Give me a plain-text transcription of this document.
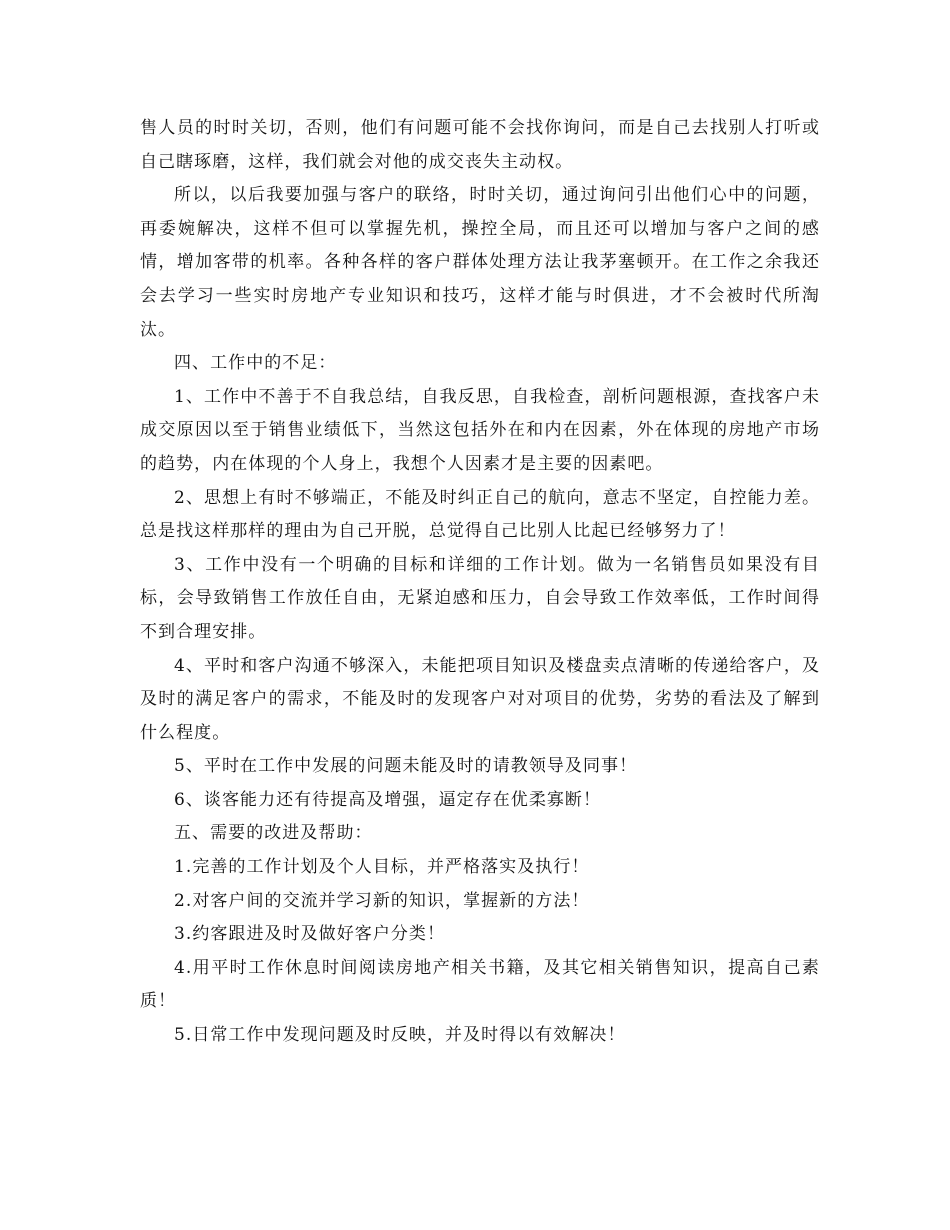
售人员的时时关切，否则，他们有问题可能不会找你询问，而是自己去找别人打听或自己瞎琢磨，这样，我们就会对他的成交丧失主动权。

所以，以后我要加强与客户的联络，时时关切，通过询问引出他们心中的问题，再委婉解决，这样不但可以掌握先机，操控全局，而且还可以增加与客户之间的感情，增加客带的机率。各种各样的客户群体处理方法让我茅塞顿开。在工作之余我还会去学习一些实时房地产专业知识和技巧，这样才能与时俱进，才不会被时代所淘汰。

四、工作中的不足：

1、工作中不善于不自我总结，自我反思，自我检查，剖析问题根源，查找客户未成交原因以至于销售业绩低下，当然这包括外在和内在因素，外在体现的房地产市场的趋势，内在体现的个人身上，我想个人因素才是主要的因素吧。

2、思想上有时不够端正，不能及时纠正自己的航向，意志不坚定，自控能力差。总是找这样那样的理由为自己开脱，总觉得自己比别人比起已经够努力了！

3、工作中没有一个明确的目标和详细的工作计划。做为一名销售员如果没有目标，会导致销售工作放任自由，无紧迫感和压力，自会导致工作效率低，工作时间得不到合理安排。

4、平时和客户沟通不够深入，未能把项目知识及楼盘卖点清晰的传递给客户，及及时的满足客户的需求，不能及时的发现客户对对项目的优势，劣势的看法及了解到什么程度。

5、平时在工作中发展的问题未能及时的请教领导及同事！

6、谈客能力还有待提高及增强，逼定存在优柔寡断！

五、需要的改进及帮助：

1.完善的工作计划及个人目标，并严格落实及执行！

2.对客户间的交流并学习新的知识，掌握新的方法！

3.约客跟进及时及做好客户分类！

4.用平时工作休息时间阅读房地产相关书籍，及其它相关销售知识，提高自己素质！

5.日常工作中发现问题及时反映，并及时得以有效解决！
